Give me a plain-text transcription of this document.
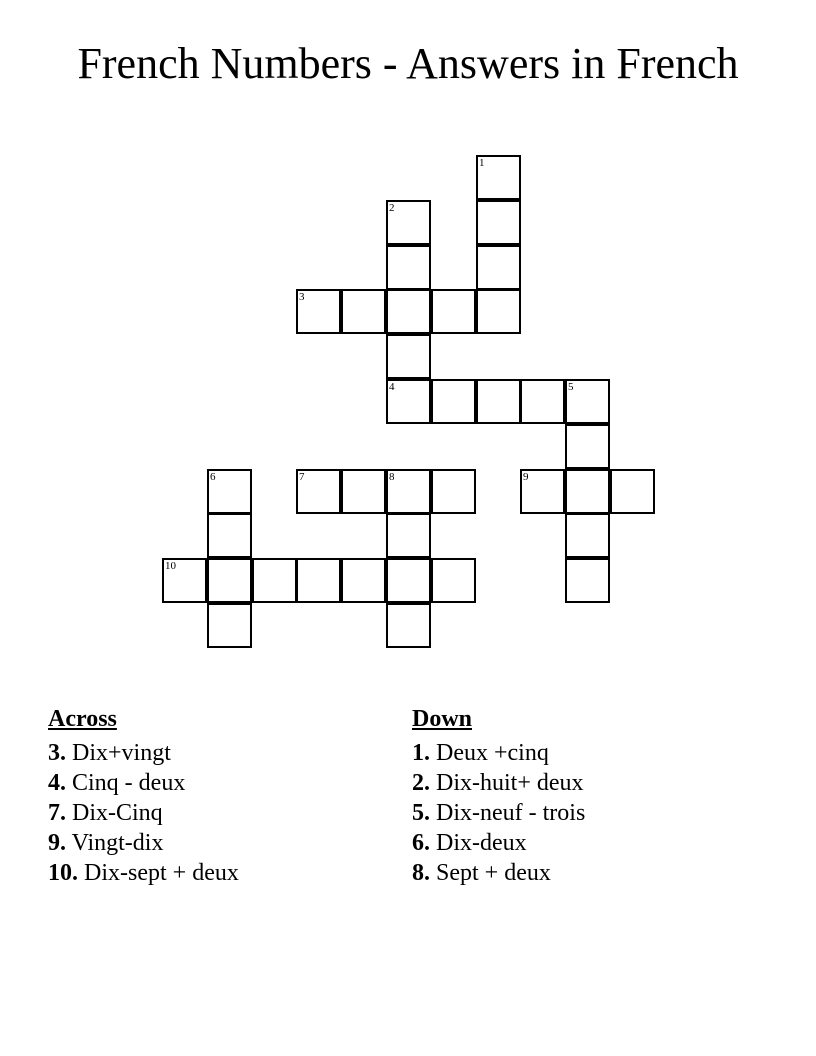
French Numbers - Answers in French
1
2
3
4	5
6	7	8	9
10
Across
3. Dix+vingt
4. Cinq - deux
7. Dix-Cinq
9. Vingt-dix
10. Dix-sept + deux
Down
1. Deux +cinq
2. Dix-huit+ deux
5. Dix-neuf - trois
6. Dix-deux
8. Sept + deux
